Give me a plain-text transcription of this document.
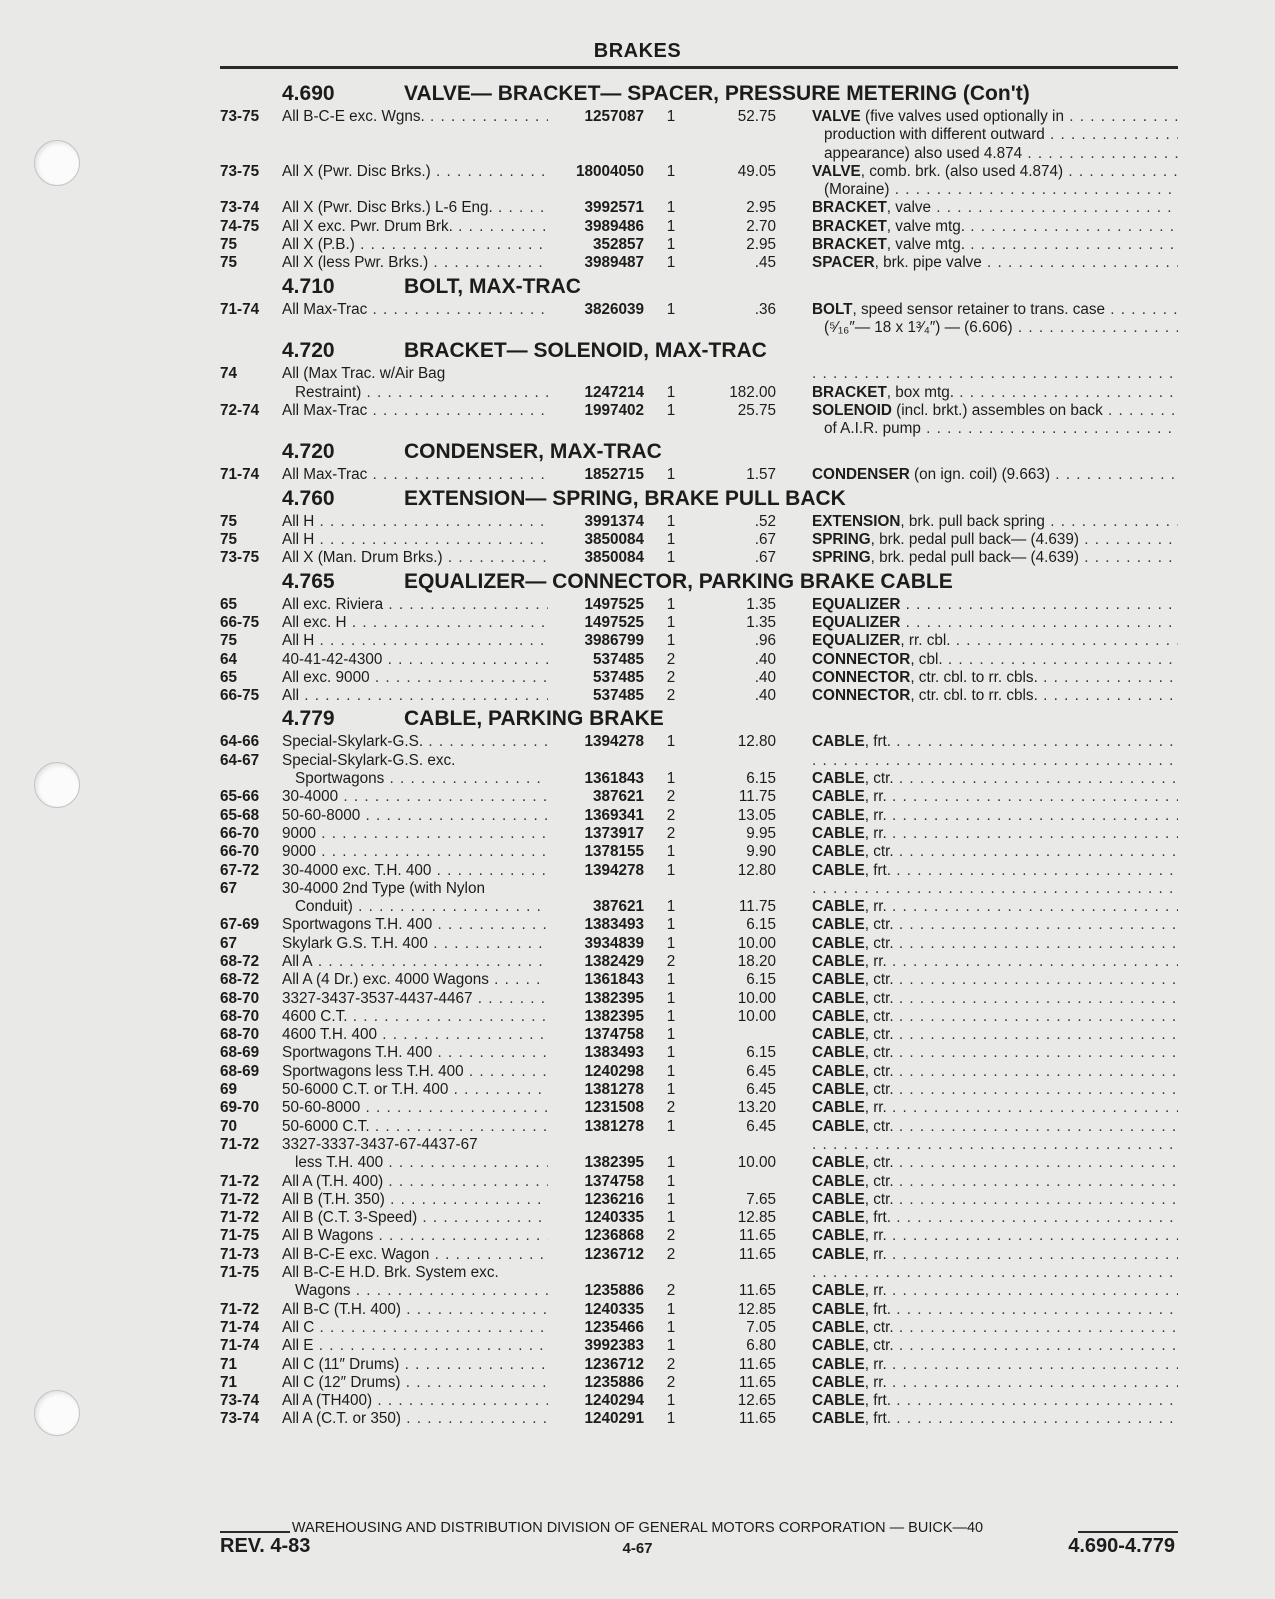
BRAKES
4.690	VALVE— BRACKET— SPACER, PRESSURE METERING (Con't)
73-75	All B-C-E exc. Wgns. . . .	1257087	1	52.75 VALVE (five valves used optionally in . . .
production with different outward . . .
appearance) also used 4.874 . . .
73-75	All X (Pwr. Disc Brks.) . . .	18004050	1	49.05 VALVE, comb. brk. (also used 4.874) . . .
(Moraine) . . .
73-74	All X (Pwr. Disc Brks.) L-6 Eng. . . .	3992571	1	2.95 BRACKET, valve . . .
74-75	All X exc. Pwr. Drum Brk. . . .	3989486	1	2.70 BRACKET, valve mtg. . . .
75	All X (P.B.) . . .	352857	1	2.95 BRACKET, valve mtg. . . .
75	All X (less Pwr. Brks.) . . .	3989487	1	.45 SPACER, brk. pipe valve . . .
4.710	BOLT, MAX-TRAC
71-74	All Max-Trac . . .	3826039	1	.36 BOLT, speed sensor retainer to trans. case . . .
(⁵⁄₁₆″— 18 x 1³⁄₄″) — (6.606) . . .
4.720	BRACKET— SOLENOID, MAX-TRAC
74	All (Max Trac. w/Air Bag
. . .
Restraint) . . .	1247214	1	182.00 BRACKET, box mtg. . . .
72-74	All Max-Trac . . .	1997402	1	25.75 SOLENOID (incl. brkt.) assembles on back . . .
of A.I.R. pump . . .
4.720	CONDENSER, MAX-TRAC
71-74	All Max-Trac . . .	1852715	1	1.57 CONDENSER (on ign. coil) (9.663) . . .
4.760	EXTENSION— SPRING, BRAKE PULL BACK
75	All H . . .	3991374	1	.52 EXTENSION, brk. pull back spring . . .
75	All H . . .	3850084	1	.67 SPRING, brk. pedal pull back— (4.639) . . .
73-75	All X (Man. Drum Brks.) . . .	3850084	1	.67 SPRING, brk. pedal pull back— (4.639) . . .
4.765	EQUALIZER— CONNECTOR, PARKING BRAKE CABLE
65	All exc. Riviera . . .	1497525	1	1.35 EQUALIZER . . .
66-75	All exc. H . . .	1497525	1	1.35 EQUALIZER . . .
75	All H . . .	3986799	1	.96 EQUALIZER, rr. cbl. . . .
64	40-41-42-4300 . . .	537485	2	.40 CONNECTOR, cbl. . . .
65	All exc. 9000 . . .	537485	2	.40 CONNECTOR, ctr. cbl. to rr. cbls. . . .
66-75	All . . .	537485	2	.40 CONNECTOR, ctr. cbl. to rr. cbls. . . .
4.779	CABLE, PARKING BRAKE
64-66	Special-Skylark-G.S. . . .	1394278	1	12.80 CABLE, frt. . . .
64-67	Special-Skylark-G.S. exc.
. . .
Sportwagons . . .	1361843	1	6.15 CABLE, ctr. . . .
65-66	30-4000 . . .	387621	2	11.75 CABLE, rr. . . .
65-68	50-60-8000 . . .	1369341	2	13.05 CABLE, rr. . . .
66-70	9000 . . .	1373917	2	9.95 CABLE, rr. . . .
66-70	9000 . . .	1378155	1	9.90 CABLE, ctr. . . .
67-72	30-4000 exc. T.H. 400 . . .	1394278	1	12.80 CABLE, frt. . . .
67	30-4000 2nd Type (with Nylon
. . .
Conduit) . . .	387621	1	11.75 CABLE, rr. . . .
67-69	Sportwagons T.H. 400 . . .	1383493	1	6.15 CABLE, ctr. . . .
67	Skylark G.S. T.H. 400 . . .	3934839	1	10.00 CABLE, ctr. . . .
68-72	All A . . .	1382429	2	18.20 CABLE, rr. . . .
68-72	All A (4 Dr.) exc. 4000 Wagons . . .	1361843	1	6.15 CABLE, ctr. . . .
68-70	3327-3437-3537-4437-4467 . . .	1382395	1	10.00 CABLE, ctr. . . .
68-70	4600 C.T. . . .	1382395	1	10.00 CABLE, ctr. . . .
68-70	4600 T.H. 400 . . .	1374758	1	CABLE, ctr. . . .
68-69	Sportwagons T.H. 400 . . .	1383493	1	6.15 CABLE, ctr. . . .
68-69	Sportwagons less T.H. 400 . . .	1240298	1	6.45 CABLE, ctr. . . .
69	50-6000 C.T. or T.H. 400 . . .	1381278	1	6.45 CABLE, ctr. . . .
69-70	50-60-8000 . . .	1231508	2	13.20 CABLE, rr. . . .
70	50-6000 C.T. . . .	1381278	1	6.45 CABLE, ctr. . . .
71-72	3327-3337-3437-67-4437-67
. . .
less T.H. 400 . . .	1382395	1	10.00 CABLE, ctr. . . .
71-72	All A (T.H. 400) . . .	1374758	1	CABLE, ctr. . . .
71-72	All B (T.H. 350) . . .	1236216	1	7.65 CABLE, ctr. . . .
71-72	All B (C.T. 3-Speed) . . .	1240335	1	12.85 CABLE, frt. . . .
71-75	All B Wagons . . .	1236868	2	11.65 CABLE, rr. . . .
71-73	All B-C-E exc. Wagon . . .	1236712	2	11.65 CABLE, rr. . . .
71-75	All B-C-E H.D. Brk. System exc.
. . .
Wagons . . .	1235886	2	11.65 CABLE, rr. . . .
71-72	All B-C (T.H. 400) . . .	1240335	1	12.85 CABLE, frt. . . .
71-74	All C . . .	1235466	1	7.05 CABLE, ctr. . . .
71-74	All E . . .	3992383	1	6.80 CABLE, ctr. . . .
71	All C (11″ Drums) . . .	1236712	2	11.65 CABLE, rr. . . .
71	All C (12″ Drums) . . .	1235886	2	11.65 CABLE, rr. . . .
73-74	All A (TH400) . . .	1240294	1	12.65 CABLE, frt. . . .
73-74	All A (C.T. or 350) . . .	1240291	1	11.65 CABLE, frt. . . .
WAREHOUSING AND DISTRIBUTION DIVISION OF GENERAL MOTORS CORPORATION — BUICK—40
REV. 4-83	4-67	4.690-4.779
